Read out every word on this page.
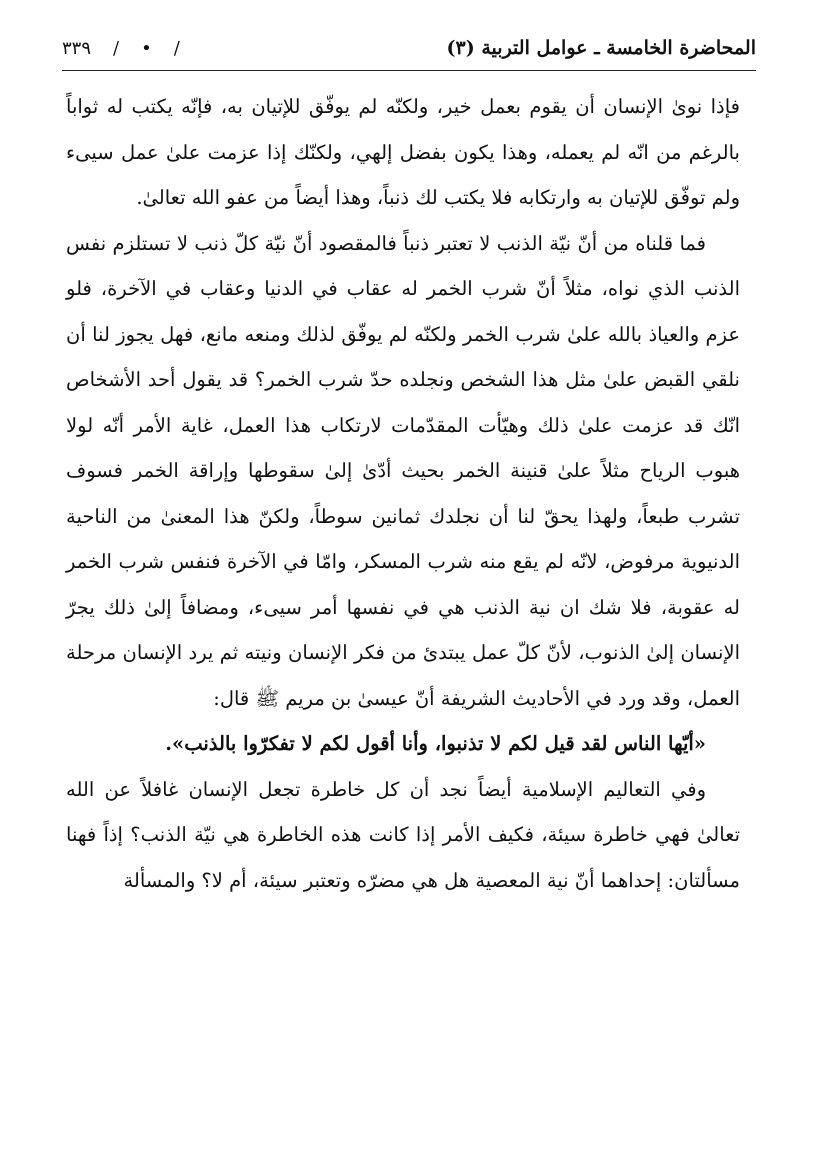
المحاضرة الخامسة ـ عوامل التربية (٣)
٣٣٩ / • /

فإذا نوىٰ الإنسان أن يقوم بعمل خير، ولكنّه لم يوفّق للإتيان به، فإنّه يكتب له ثواباً بالرغم من انّه لم يعمله، وهذا يكون بفضل إلهي، ولكنّك إذا عزمت علىٰ عمل سيىء ولم توفّق للإتيان به وارتكابه فلا يكتب لك ذنباً، وهذا أيضاً من عفو الله تعالىٰ.

فما قلناه من أنّ نيّة الذنب لا تعتبر ذنباً فالمقصود أنّ نيّة كلّ ذنب لا تستلزم نفس الذنب الذي نواه، مثلاً أنّ شرب الخمر له عقاب في الدنيا وعقاب في الآخرة، فلو عزم والعياذ بالله علىٰ شرب الخمر ولكنّه لم يوفّق لذلك ومنعه مانع، فهل يجوز لنا أن نلقي القبض علىٰ مثل هذا الشخص ونجلده حدّ شرب الخمر؟ قد يقول أحد الأشخاص انّك قد عزمت علىٰ ذلك وهيّأت المقدّمات لارتكاب هذا العمل، غاية الأمر أنّه لولا هبوب الرياح مثلاً علىٰ قنينة الخمر بحيث أدّىٰ إلىٰ سقوطها وإراقة الخمر فسوف تشرب طبعاً، ولهذا يحقّ لنا أن نجلدك ثمانين سوطاً، ولكنّ هذا المعنىٰ من الناحية الدنيوية مرفوض، لانّه لم يقع منه شرب المسكر، وامّا في الآخرة فنفس شرب الخمر له عقوبة، فلا شك ان نية الذنب هي في نفسها أمر سيىء، ومضافاً إلىٰ ذلك يجرّ الإنسان إلىٰ الذنوب، لأنّ كلّ عمل يبتدئ من فكر الإنسان ونيته ثم يرد الإنسان مرحلة العمل، وقد ورد في الأحاديث الشريفة أنّ عيسىٰ بن مريم ﷺ قال:

«أيّها الناس لقد قيل لكم لا تذنبوا، وأنا أقول لكم لا تفكرّوا بالذنب».

وفي التعاليم الإسلامية أيضاً نجد أن كل خاطرة تجعل الإنسان غافلاً عن الله تعالىٰ فهي خاطرة سيئة، فكيف الأمر إذا كانت هذه الخاطرة هي نيّة الذنب؟ إذاً فهنا مسألتان: إحداهما أنّ نية المعصية هل هي مضرّه وتعتبر سيئة، أم لا؟ والمسألة
